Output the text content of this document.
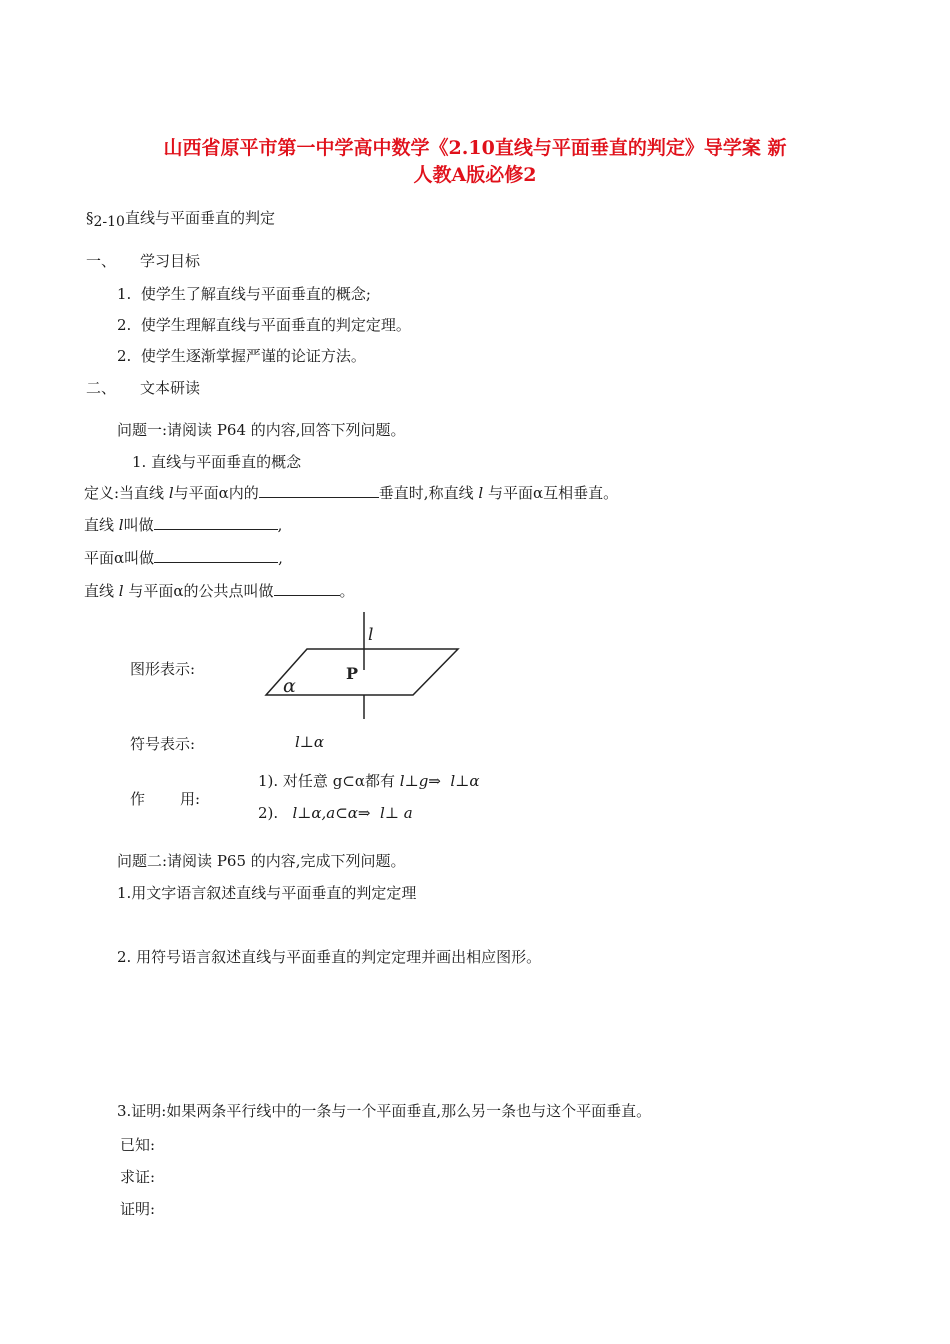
山西省原平市第一中学高中数学《2.10直线与平面垂直的判定》导学案 新
人教A版必修2
§2-10直线与平面垂直的判定
一、 学习目标
1. 使学生了解直线与平面垂直的概念;
2. 使学生理解直线与平面垂直的判定定理。
2. 使学生逐渐掌握严谨的论证方法。
二、 文本研读
问题一:请阅读 P64 的内容,回答下列问题。
1. 直线与平面垂直的概念
定义:当直线 l与平面α内的	垂直时,称直线 l 与平面α互相垂直。
直线 l叫做	,
平面α叫做	,
直线 l 与平面α的公共点叫做	。
图形表示:
l
P
α
符号表示:	l⊥α
作 用:
1). 对任意 g⊂α都有 l⊥g⇒ l⊥α
2). l⊥α,a⊂α⇒ l⊥ a
问题二:请阅读 P65 的内容,完成下列问题。
1.用文字语言叙述直线与平面垂直的判定定理
2. 用符号语言叙述直线与平面垂直的判定定理并画出相应图形。
3.证明:如果两条平行线中的一条与一个平面垂直,那么另一条也与这个平面垂直。
已知:
求证:
证明:
